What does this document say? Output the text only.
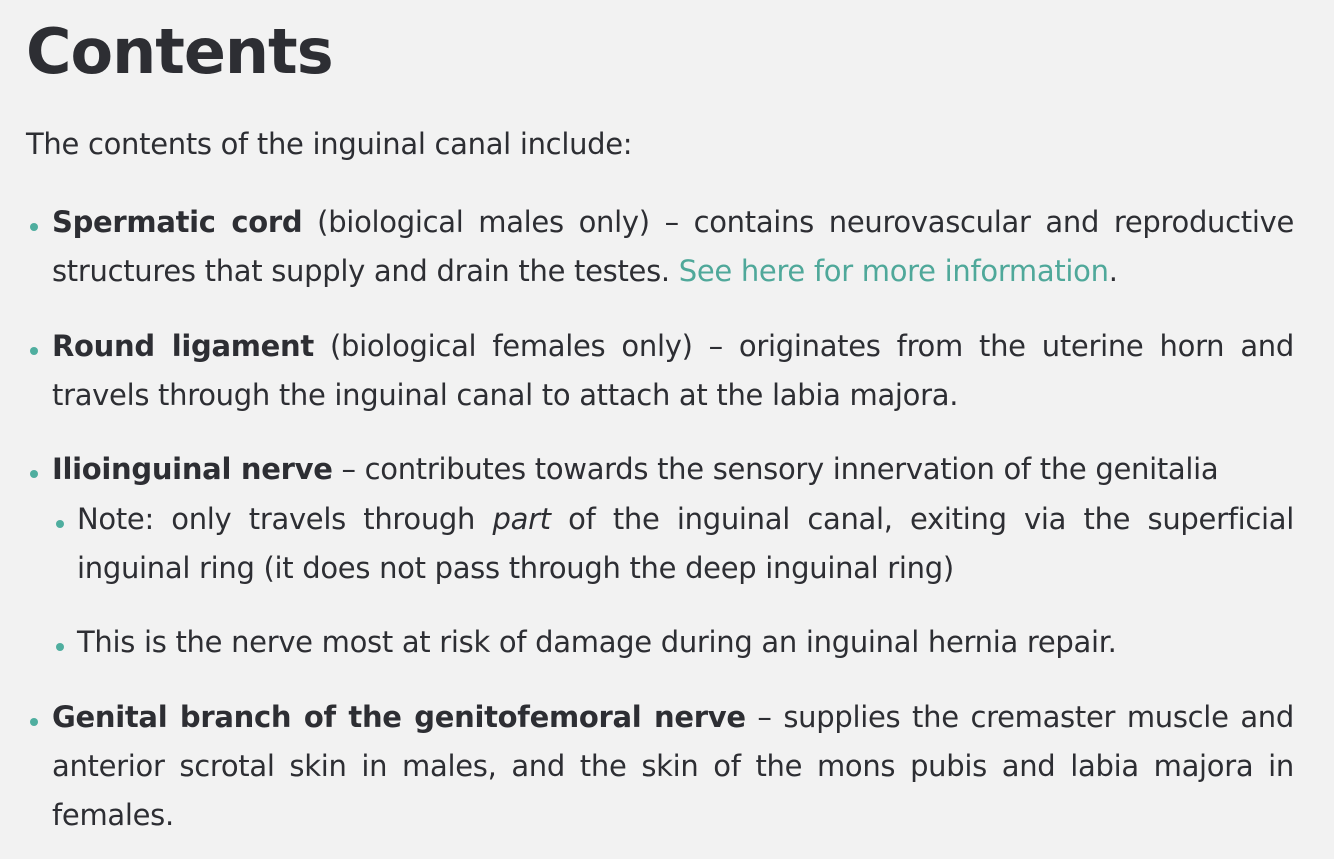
Contents

The contents of the inguinal canal include:

Spermatic cord (biological males only) – contains neurovascular and reproductive structures that supply and drain the testes. See here for more information.

Round ligament (biological females only) – originates from the uterine horn and travels through the inguinal canal to attach at the labia majora.

Ilioinguinal nerve – contributes towards the sensory innervation of the genitalia

Note: only travels through part of the inguinal canal, exiting via the superficial inguinal ring (it does not pass through the deep inguinal ring)

This is the nerve most at risk of damage during an inguinal hernia repair.

Genital branch of the genitofemoral nerve – supplies the cremaster muscle and anterior scrotal skin in males, and the skin of the mons pubis and labia majora in females.
